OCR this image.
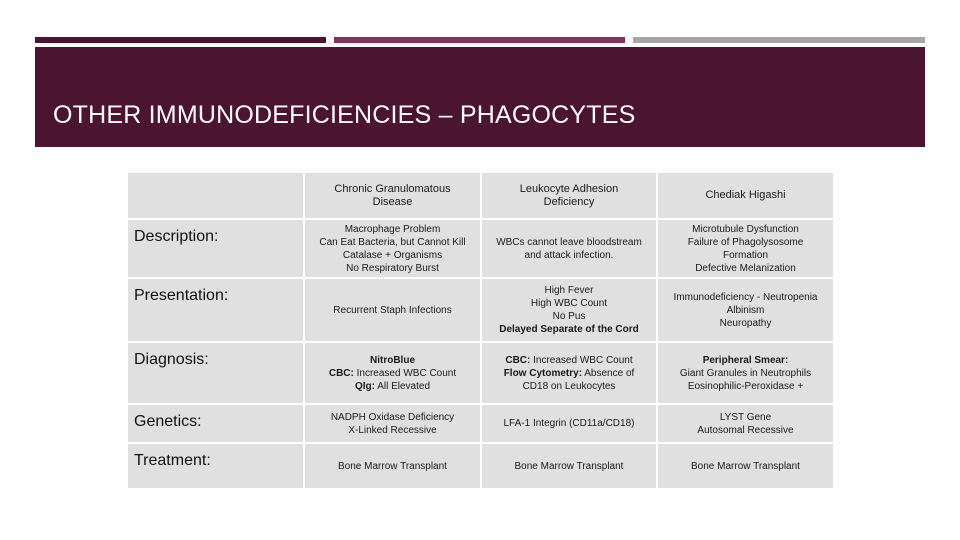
OTHER IMMUNODEFICIENCIES – PHAGOCYTES

	Chronic Granulomatous
Disease	Leukocyte Adhesion
Deficiency	Chediak Higashi

Description:	Macrophage Problem
Can Eat Bacteria, but Cannot Kill
Catalase + Organisms
No Respiratory Burst	WBCs cannot leave bloodstream
and attack infection.	Microtubule Dysfunction
Failure of Phagolysosome
Formation
Defective Melanization

Presentation:	Recurrent Staph Infections	High Fever
High WBC Count
No Pus
Delayed Separate of the Cord	Immunodeficiency - Neutropenia
Albinism
Neuropathy

Diagnosis:	NitroBlue
CBC: Increased WBC Count
QIg: All Elevated	CBC: Increased WBC Count
Flow Cytometry: Absence of
CD18 on Leukocytes	Peripheral Smear:
Giant Granules in Neutrophils
Eosinophilic-Peroxidase +

Genetics:	NADPH Oxidase Deficiency
X-Linked Recessive	LFA-1 Integrin (CD11a/CD18)	LYST Gene
Autosomal Recessive

Treatment:	Bone Marrow Transplant	Bone Marrow Transplant	Bone Marrow Transplant
